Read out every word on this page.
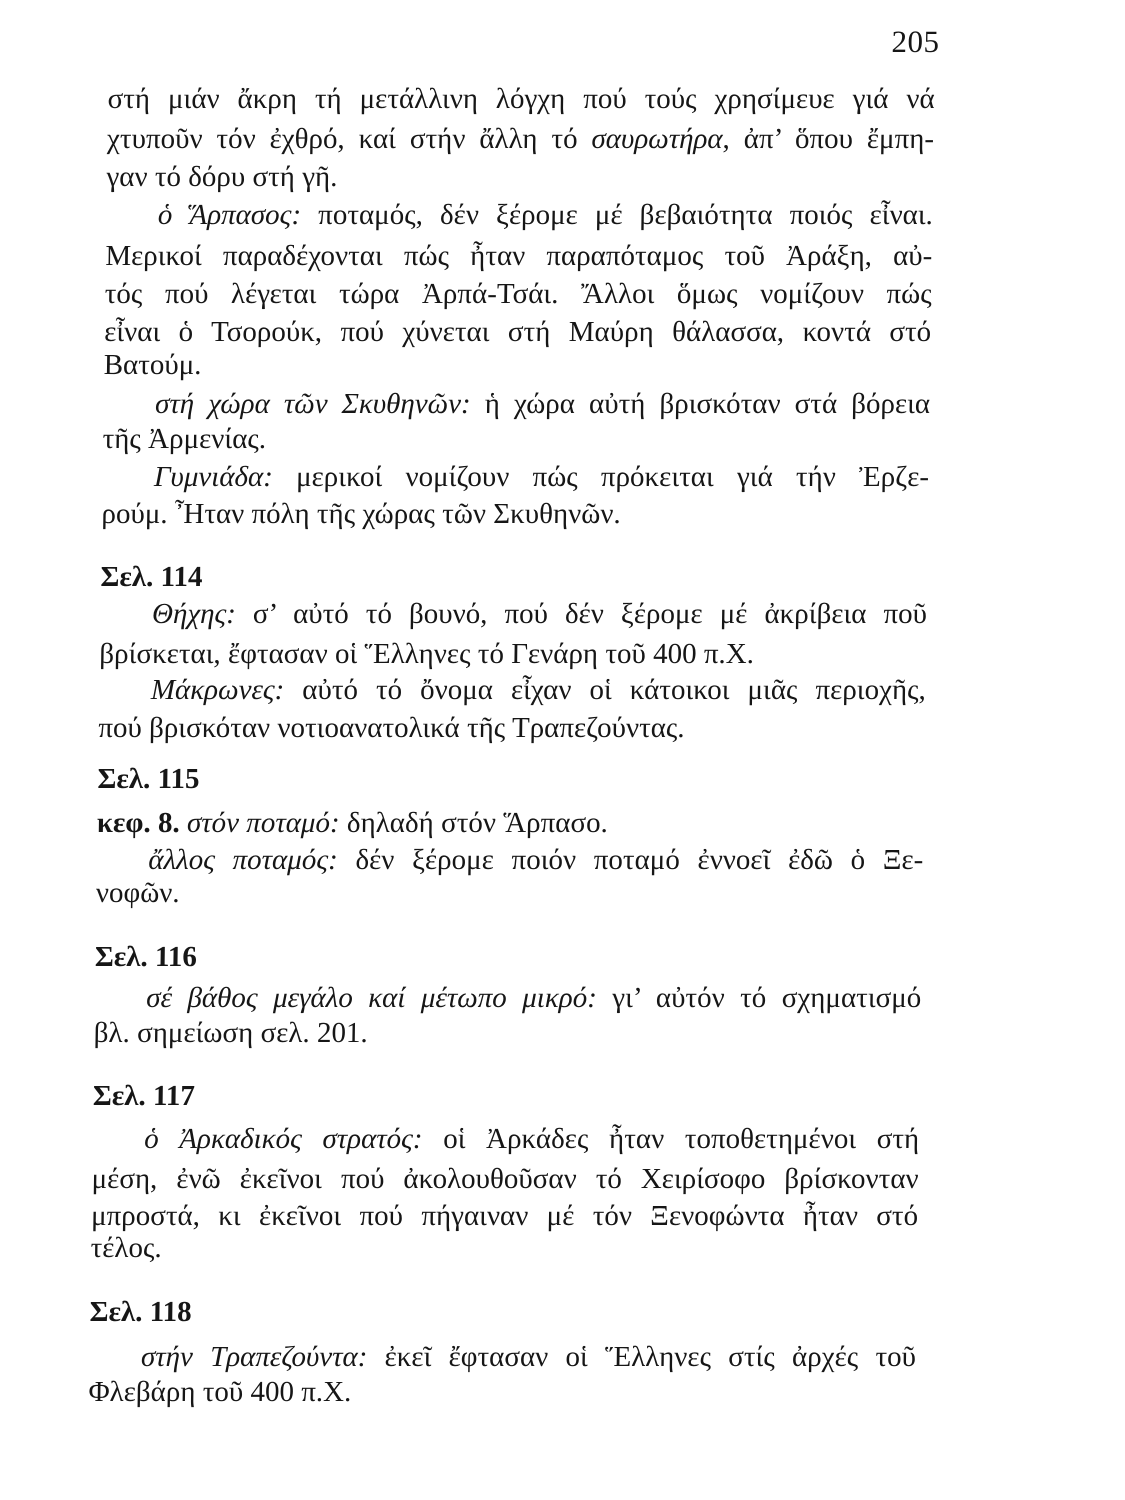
205
στή μιάν ἄκρη τή μετάλλινη λόγχη πού τούς χρησίμευε γιά νά
χτυποῦν τόν ἐχθρό, καί στήν ἄλλη τό σαυρωτήρα, ἀπ’ ὅπου ἔμπη-
γαν τό δόρυ στή γῆ.
ὁ Ἅρπασος: ποταμός, δέν ξέρομε μέ βεβαιότητα ποιός εἶναι.
Μερικοί παραδέχονται πώς ἦταν παραπόταμος τοῦ Ἀράξη, αὐ-
τός πού λέγεται τώρα Ἀρπά-Τσάι. Ἄλλοι ὅμως νομίζουν πώς
εἶναι ὁ Τσορούκ, πού χύνεται στή Μαύρη θάλασσα, κοντά στό
Βατούμ.
στή χώρα τῶν Σκυθηνῶν: ἡ χώρα αὐτή βρισκόταν στά βόρεια
τῆς Ἀρμενίας.
Γυμνιάδα: μερικοί νομίζουν πώς πρόκειται γιά τήν Ἐρζε-
ρούμ. Ἦταν πόλη τῆς χώρας τῶν Σκυθηνῶν.
Σελ. 114
Θήχης: σ’ αὐτό τό βουνό, πού δέν ξέρομε μέ ἀκρίβεια ποῦ
βρίσκεται, ἔφτασαν οἱ Ἕλληνες τό Γενάρη τοῦ 400 π.Χ.
Μάκρωνες: αὐτό τό ὄνομα εἶχαν οἱ κάτοικοι μιᾶς περιοχῆς,
πού βρισκόταν νοτιοανατολικά τῆς Τραπεζούντας.
Σελ. 115
κεφ. 8. στόν ποταμό: δηλαδή στόν Ἅρπασο.
ἄλλος ποταμός: δέν ξέρομε ποιόν ποταμό ἐννοεῖ ἐδῶ ὁ Ξε-
νοφῶν.
Σελ. 116
σέ βάθος μεγάλο καί μέτωπο μικρό: γι’ αὐτόν τό σχηματισμό
βλ. σημείωση σελ. 201.
Σελ. 117
ὁ Ἀρκαδικός στρατός: οἱ Ἀρκάδες ἦταν τοποθετημένοι στή
μέση, ἐνῶ ἐκεῖνοι πού ἀκολουθοῦσαν τό Χειρίσοφο βρίσκονταν
μπροστά, κι ἐκεῖνοι πού πήγαιναν μέ τόν Ξενοφώντα ἦταν στό
τέλος.
Σελ. 118
στήν Τραπεζούντα: ἐκεῖ ἔφτασαν οἱ Ἕλληνες στίς ἀρχές τοῦ
Φλεβάρη τοῦ 400 π.Χ.
